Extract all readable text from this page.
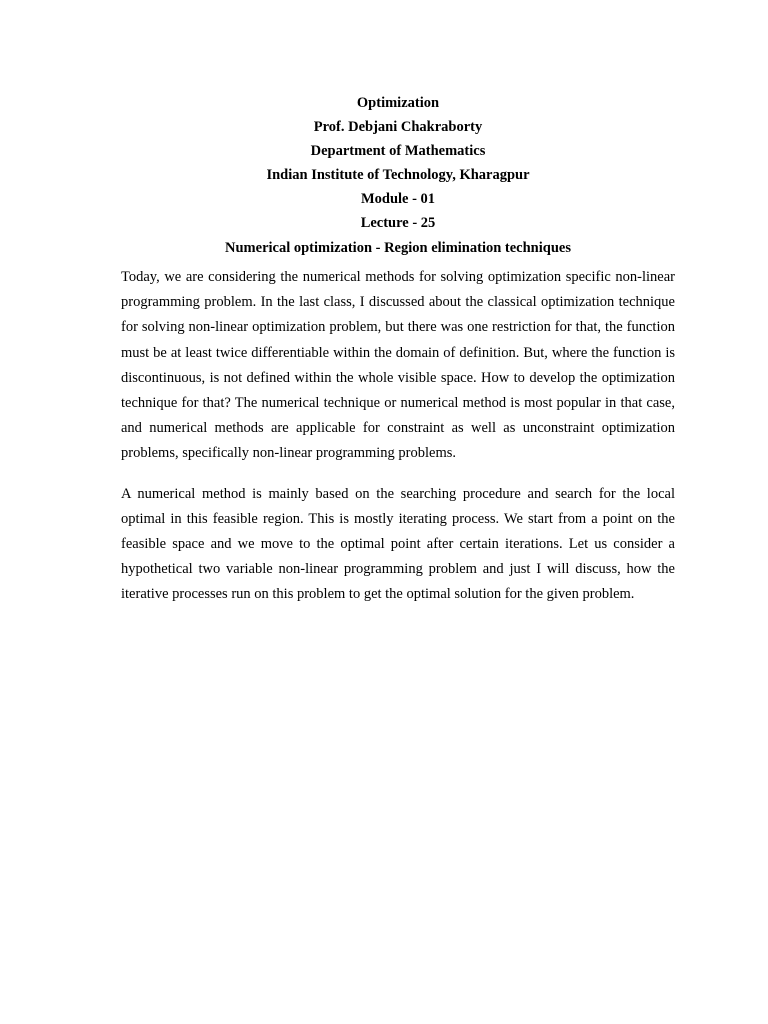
Optimization
Prof. Debjani Chakraborty
Department of Mathematics
Indian Institute of Technology, Kharagpur
Module - 01
Lecture - 25
Numerical optimization - Region elimination techniques

Today, we are considering the numerical methods for solving optimization specific non-linear programming problem. In the last class, I discussed about the classical optimization technique for solving non-linear optimization problem, but there was one restriction for that, the function must be at least twice differentiable within the domain of definition. But, where the function is discontinuous, is not defined within the whole visible space. How to develop the optimization technique for that? The numerical technique or numerical method is most popular in that case, and numerical methods are applicable for constraint as well as unconstraint optimization problems, specifically non-linear programming problems.

A numerical method is mainly based on the searching procedure and search for the local optimal in this feasible region. This is mostly iterating process. We start from a point on the feasible space and we move to the optimal point after certain iterations. Let us consider a hypothetical two variable non-linear programming problem and just I will discuss, how the iterative processes run on this problem to get the optimal solution for the given problem.
